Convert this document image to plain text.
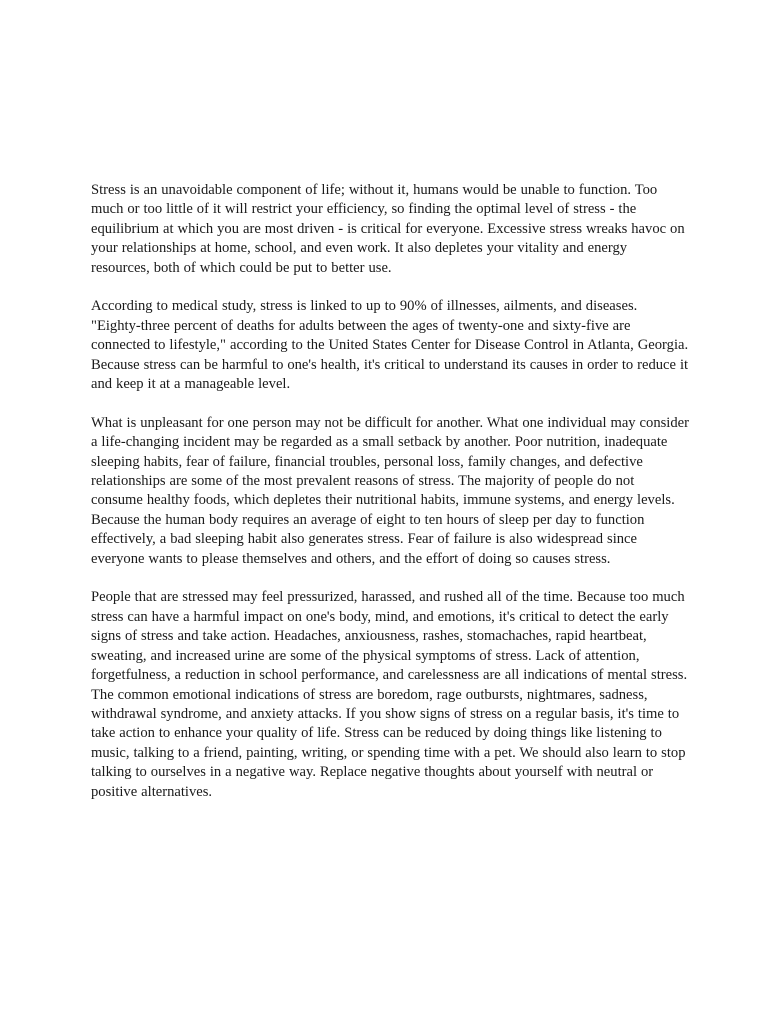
Stress is an unavoidable component of life; without it, humans would be unable to function. Too much or too little of it will restrict your efficiency, so finding the optimal level of stress - the equilibrium at which you are most driven - is critical for everyone. Excessive stress wreaks havoc on your relationships at home, school, and even work. It also depletes your vitality and energy resources, both of which could be put to better use.

According to medical study, stress is linked to up to 90% of illnesses, ailments, and diseases. "Eighty-three percent of deaths for adults between the ages of twenty-one and sixty-five are connected to lifestyle," according to the United States Center for Disease Control in Atlanta, Georgia. Because stress can be harmful to one's health, it's critical to understand its causes in order to reduce it and keep it at a manageable level.

What is unpleasant for one person may not be difficult for another. What one individual may consider a life-changing incident may be regarded as a small setback by another. Poor nutrition, inadequate sleeping habits, fear of failure, financial troubles, personal loss, family changes, and defective relationships are some of the most prevalent reasons of stress. The majority of people do not consume healthy foods, which depletes their nutritional habits, immune systems, and energy levels. Because the human body requires an average of eight to ten hours of sleep per day to function effectively, a bad sleeping habit also generates stress. Fear of failure is also widespread since everyone wants to please themselves and others, and the effort of doing so causes stress.

People that are stressed may feel pressurized, harassed, and rushed all of the time. Because too much stress can have a harmful impact on one's body, mind, and emotions, it's critical to detect the early signs of stress and take action. Headaches, anxiousness, rashes, stomachaches, rapid heartbeat, sweating, and increased urine are some of the physical symptoms of stress. Lack of attention, forgetfulness, a reduction in school performance, and carelessness are all indications of mental stress. The common emotional indications of stress are boredom, rage outbursts, nightmares, sadness, withdrawal syndrome, and anxiety attacks. If you show signs of stress on a regular basis, it's time to take action to enhance your quality of life. Stress can be reduced by doing things like listening to music, talking to a friend, painting, writing, or spending time with a pet. We should also learn to stop talking to ourselves in a negative way. Replace negative thoughts about yourself with neutral or positive alternatives.
